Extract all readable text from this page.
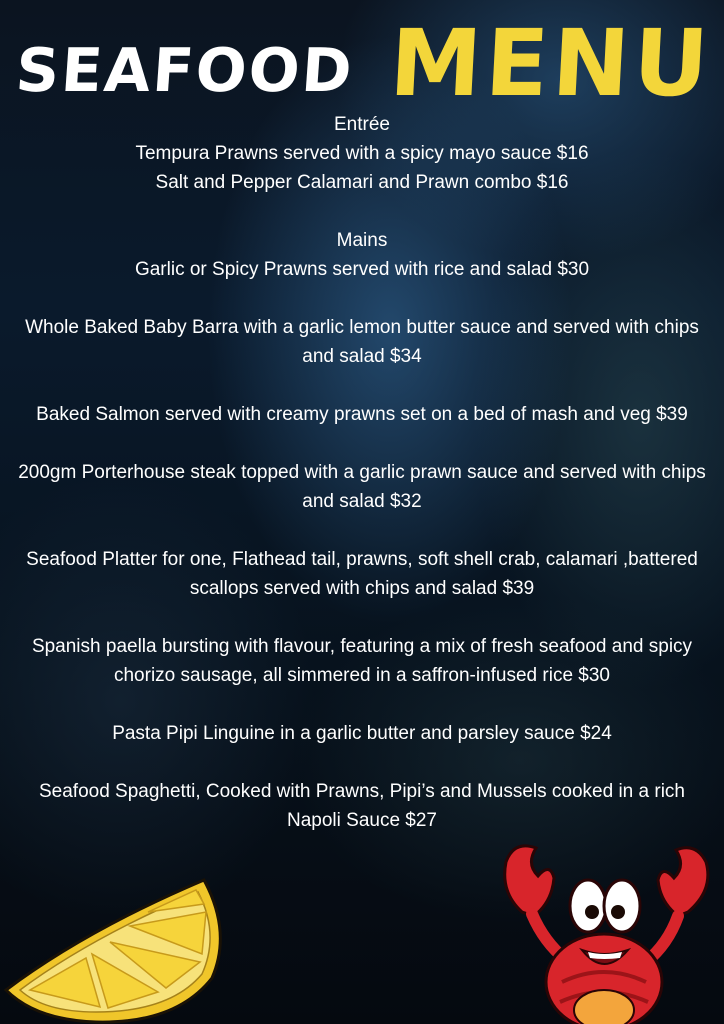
SEAFOOD MENU
Entrée
Tempura Prawns served with a spicy mayo sauce $16
Salt and Pepper Calamari and Prawn combo $16
Mains
Garlic or Spicy Prawns served with rice and salad $30
Whole Baked Baby Barra with a garlic lemon butter sauce and served with chips and salad $34
Baked Salmon served with creamy prawns set on a bed of mash and veg $39
200gm Porterhouse steak topped with a garlic prawn sauce and served with chips and salad $32
Seafood Platter for one, Flathead tail, prawns, soft shell crab, calamari ,battered scallops served with chips and salad $39
Spanish paella bursting with flavour, featuring a mix of fresh seafood and spicy chorizo sausage, all simmered in a saffron-infused rice $30
Pasta Pipi Linguine in a garlic butter and parsley sauce $24
Seafood Spaghetti, Cooked with Prawns, Pipi’s and Mussels cooked in a rich Napoli Sauce $27
